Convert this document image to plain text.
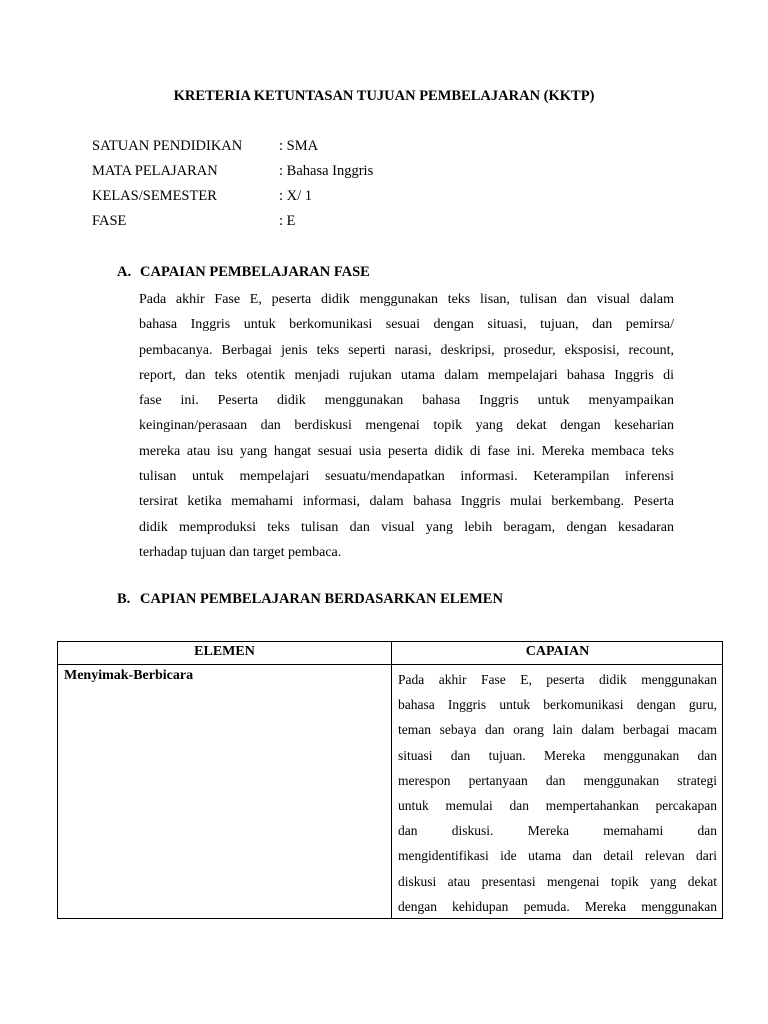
KRETERIA KETUNTASAN TUJUAN PEMBELAJARAN (KKTP)
SATUAN PENDIDIKAN	: SMA
MATA PELAJARAN	: Bahasa Inggris
KELAS/SEMESTER	: X/ 1
FASE	: E
A. CAPAIAN PEMBELAJARAN FASE
Pada akhir Fase E, peserta didik menggunakan teks lisan, tulisan dan visual dalam
bahasa Inggris untuk berkomunikasi sesuai dengan situasi, tujuan, dan pemirsa/
pembacanya. Berbagai jenis teks seperti narasi, deskripsi, prosedur, eksposisi, recount,
report, dan teks otentik menjadi rujukan utama dalam mempelajari bahasa Inggris di
fase ini. Peserta didik menggunakan bahasa Inggris untuk menyampaikan
keinginan/perasaan dan berdiskusi mengenai topik yang dekat dengan keseharian
mereka atau isu yang hangat sesuai usia peserta didik di fase ini. Mereka membaca teks
tulisan untuk mempelajari sesuatu/mendapatkan informasi. Keterampilan inferensi
tersirat ketika memahami informasi, dalam bahasa Inggris mulai berkembang. Peserta
didik memproduksi teks tulisan dan visual yang lebih beragam, dengan kesadaran
terhadap tujuan dan target pembaca.
B. CAPIAN PEMBELAJARAN BERDASARKAN ELEMEN
ELEMEN	CAPAIAN
Menyimak-Berbicara	Pada akhir Fase E, peserta didik menggunakan
bahasa Inggris untuk berkomunikasi dengan guru,
teman sebaya dan orang lain dalam berbagai macam
situasi dan tujuan. Mereka menggunakan dan
merespon pertanyaan dan menggunakan strategi
untuk memulai dan mempertahankan percakapan
dan diskusi. Mereka memahami dan
mengidentifikasi ide utama dan detail relevan dari
diskusi atau presentasi mengenai topik yang dekat
dengan kehidupan pemuda. Mereka menggunakan
